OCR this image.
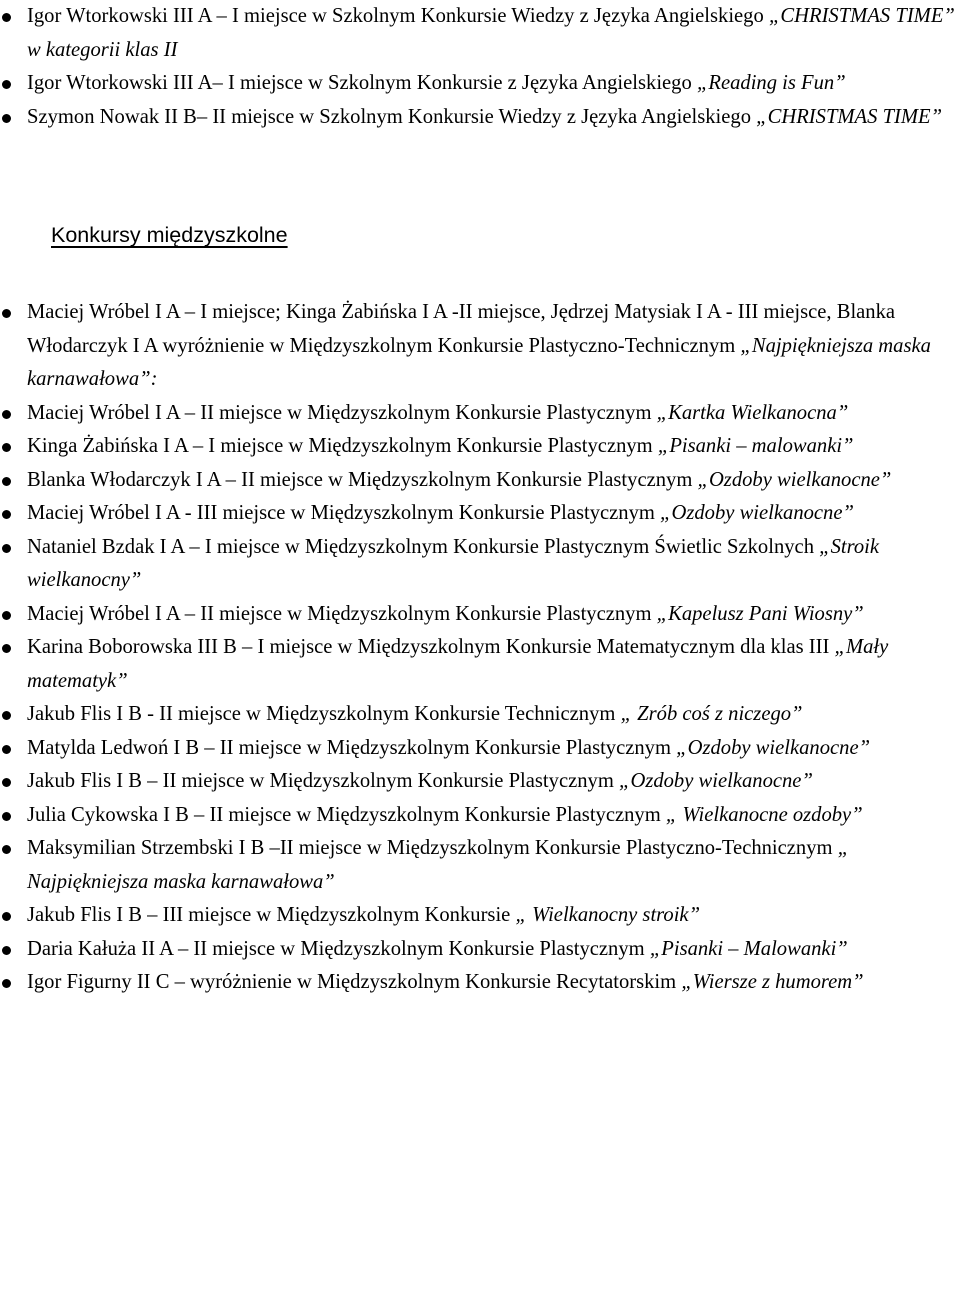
Igor Wtorkowski III A – I miejsce w Szkolnym Konkursie Wiedzy z Języka Angielskiego „CHRISTMAS TIME” w kategorii klas II
Igor Wtorkowski III A– I miejsce w Szkolnym Konkursie z Języka Angielskiego „Reading is Fun”
Szymon Nowak II B– II miejsce w Szkolnym Konkursie Wiedzy z Języka Angielskiego „CHRISTMAS TIME”
Konkursy międzyszkolne
Maciej Wróbel I A – I miejsce; Kinga Żabińska I A -II miejsce, Jędrzej Matysiak I A - III miejsce, Blanka Włodarczyk I A wyróżnienie w Międzyszkolnym Konkursie Plastyczno-Technicznym „Najpiękniejsza maska karnawałowa”:
Maciej Wróbel I A – II miejsce w Międzyszkolnym Konkursie Plastycznym „Kartka Wielkanocna”
Kinga Żabińska I A – I miejsce w Międzyszkolnym Konkursie Plastycznym „Pisanki – malowanki”
Blanka Włodarczyk I A – II miejsce w Międzyszkolnym Konkursie Plastycznym „Ozdoby wielkanocne”
Maciej Wróbel I A - III miejsce w Międzyszkolnym Konkursie Plastycznym „Ozdoby wielkanocne”
Nataniel Bzdak I A – I miejsce w Międzyszkolnym Konkursie Plastycznym Świetlic Szkolnych „Stroik wielkanocny”
Maciej Wróbel I A – II miejsce w Międzyszkolnym Konkursie Plastycznym „Kapelusz Pani Wiosny”
Karina Boborowska III B – I miejsce w Międzyszkolnym Konkursie Matematycznym dla klas III „Mały matematyk”
Jakub Flis I B - II miejsce w Międzyszkolnym Konkursie Technicznym „ Zrób coś z niczego”
Matylda Ledwoń I B – II miejsce w Międzyszkolnym Konkursie Plastycznym „Ozdoby wielkanocne”
Jakub Flis I B – II miejsce w Międzyszkolnym Konkursie Plastycznym „Ozdoby wielkanocne”
Julia Cykowska I B – II miejsce w Międzyszkolnym Konkursie Plastycznym „ Wielkanocne ozdoby”
Maksymilian Strzembski I B –II miejsce w Międzyszkolnym Konkursie Plastyczno-Technicznym „ Najpiękniejsza maska karnawałowa”
Jakub Flis I B – III miejsce w Międzyszkolnym Konkursie „ Wielkanocny stroik”
Daria Kałuża II A – II miejsce w Międzyszkolnym Konkursie Plastycznym „Pisanki – Malowanki”
Igor Figurny II C – wyróżnienie w Międzyszkolnym Konkursie Recytatorskim „Wiersze z humorem”
